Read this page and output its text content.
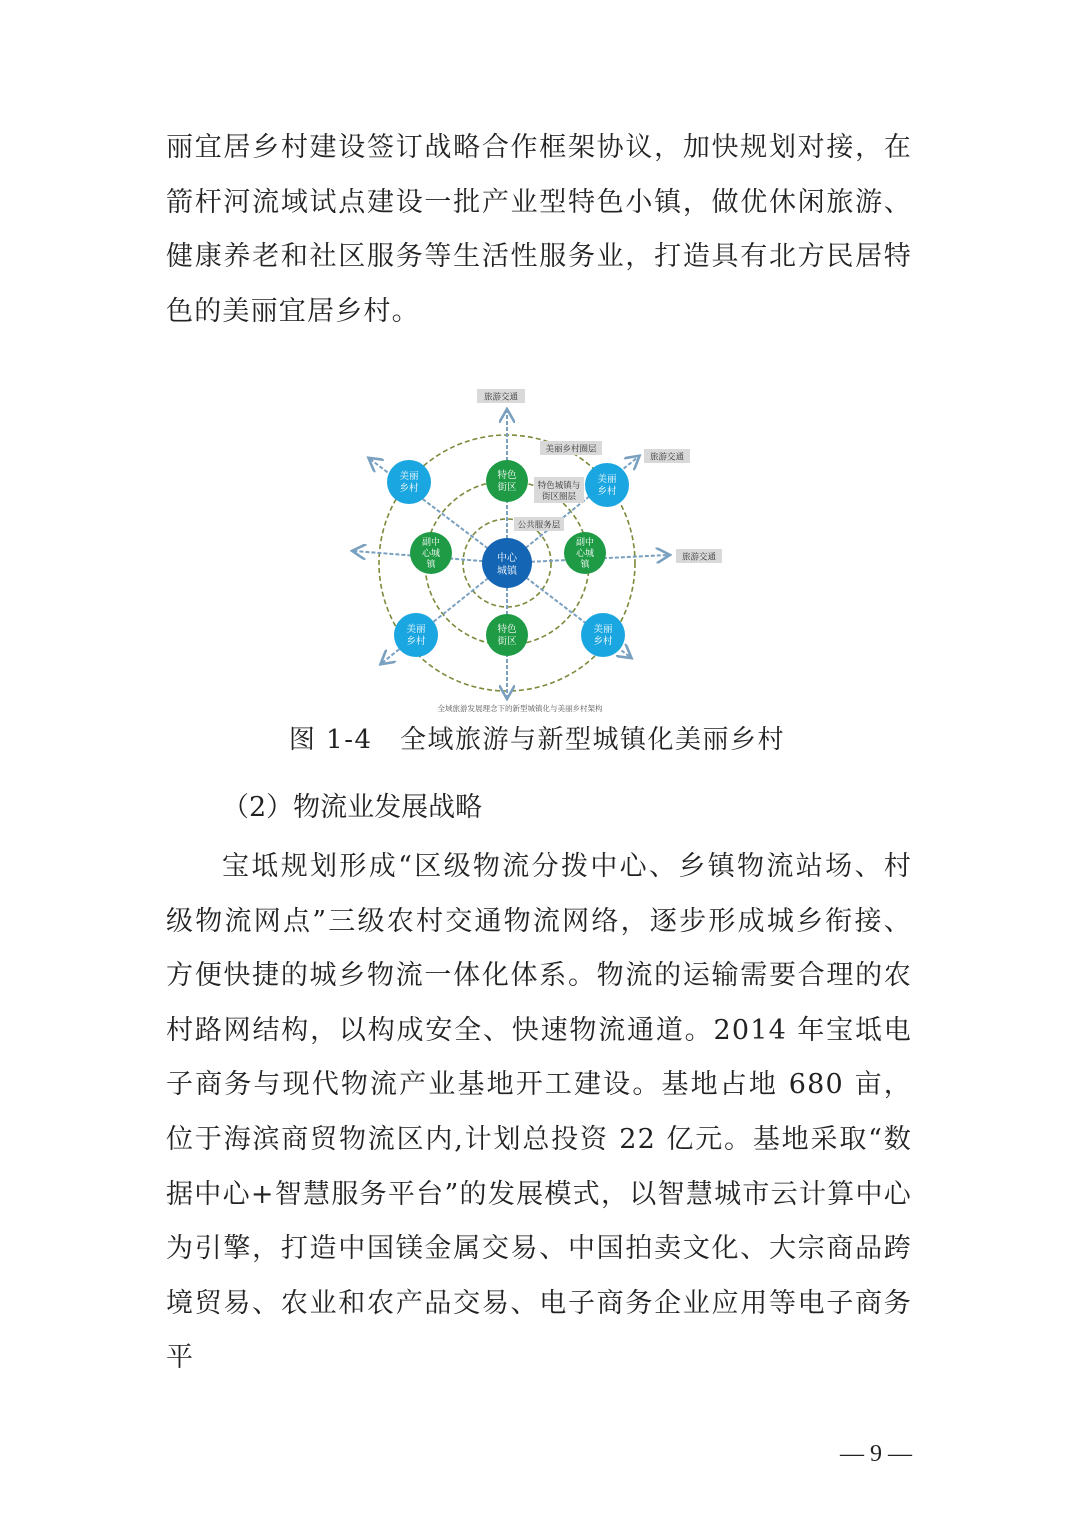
丽宜居乡村建设签订战略合作框架协议，加快规划对接，在箭杆河流域试点建设一批产业型特色小镇，做优休闲旅游、健康养老和社区服务等生活性服务业，打造具有北方民居特色的美丽宜居乡村。

旅游交通
美丽乡村圈层
旅游交通
特色城镇与
街区圈层
公共服务层
旅游交通
中心
城镇
特色
街区
特色
街区
副中
心城
镇
副中
心城
镇
美丽
乡村
美丽
乡村
美丽
乡村
美丽
乡村
全域旅游发展理念下的新型城镇化与美丽乡村架构

图 1-4　全域旅游与新型城镇化美丽乡村

（2）物流业发展战略

宝坻规划形成“区级物流分拨中心、乡镇物流站场、村级物流网点”三级农村交通物流网络，逐步形成城乡衔接、方便快捷的城乡物流一体化体系。物流的运输需要合理的农村路网结构，以构成安全、快速物流通道。2014 年宝坻电子商务与现代物流产业基地开工建设。基地占地 680 亩，位于海滨商贸物流区内,计划总投资 22 亿元。基地采取“数据中心+智慧服务平台”的发展模式，以智慧城市云计算中心为引擎，打造中国镁金属交易、中国拍卖文化、大宗商品跨境贸易、农业和农产品交易、电子商务企业应用等电子商务平

— 9 —
